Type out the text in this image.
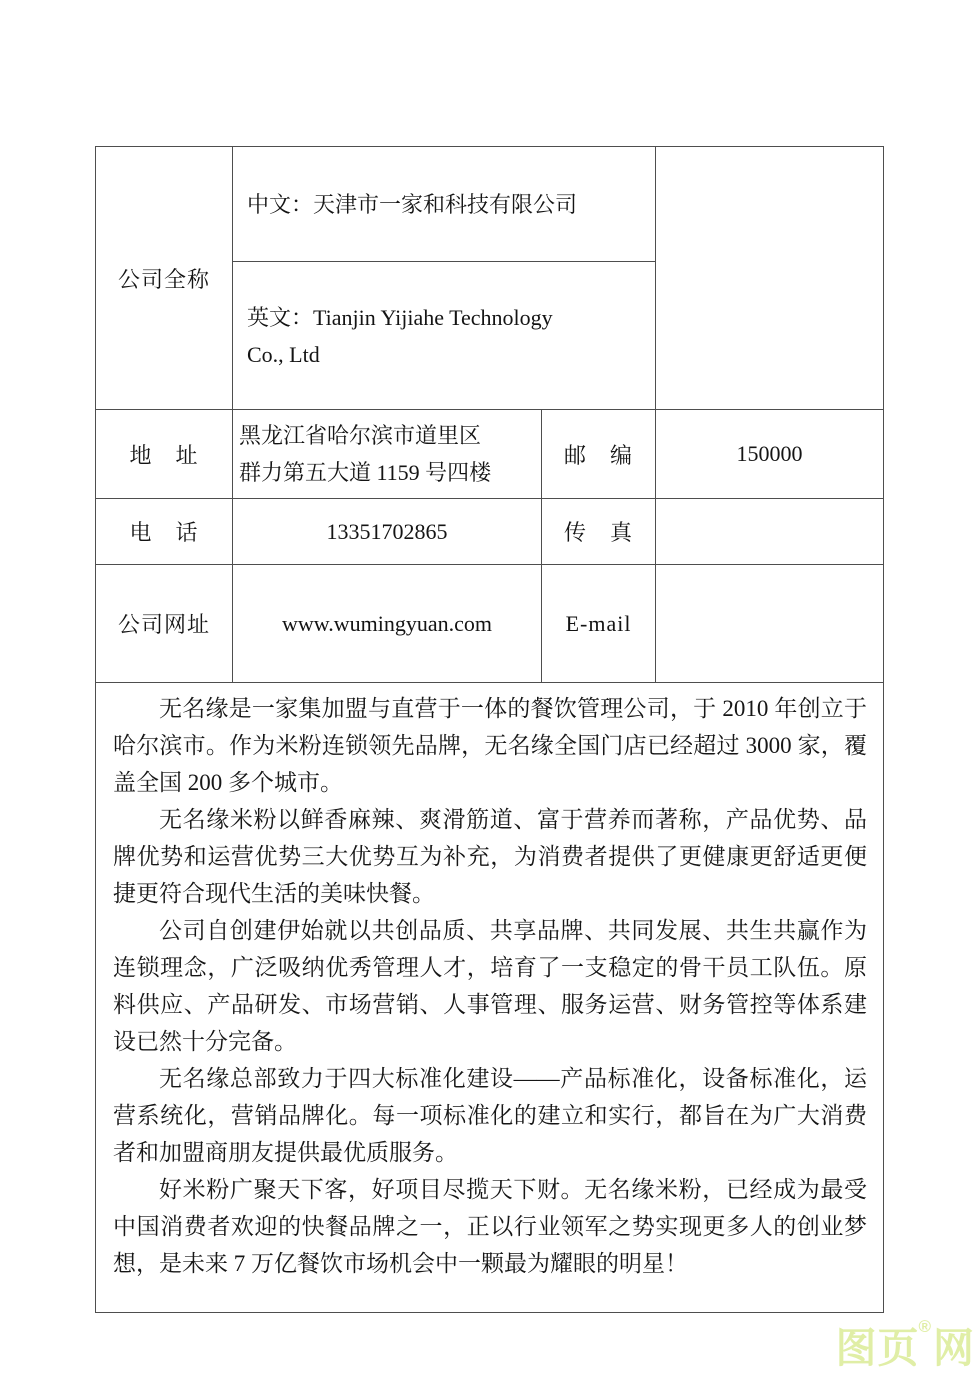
公司全称	中文：天津市一家和科技有限公司		

	英文：Tianjin Yijiahe Technology
Co., Ltd		

地　址	黑龙江省哈尔滨市道里区
群力第五大道 1159 号四楼	邮　编	150000
电　话	13351702865	传　真	
公司网址	www.wumingyuan.com	E-mail	

无名缘是一家集加盟与直营于一体的餐饮管理公司，于 2010 年创立于哈尔滨市。作为米粉连锁领先品牌，无名缘全国门店已经超过 3000 家，覆盖全国 200 多个城市。

无名缘米粉以鲜香麻辣、爽滑筋道、富于营养而著称，产品优势、品牌优势和运营优势三大优势互为补充，为消费者提供了更健康更舒适更便捷更符合现代生活的美味快餐。

公司自创建伊始就以共创品质、共享品牌、共同发展、共生共赢作为连锁理念，广泛吸纳优秀管理人才，培育了一支稳定的骨干员工队伍。原料供应、产品研发、市场营销、人事管理、服务运营、财务管控等体系建设已然十分完备。

无名缘总部致力于四大标准化建设——产品标准化，设备标准化，运营系统化，营销品牌化。每一项标准化的建立和实行，都旨在为广大消费者和加盟商朋友提供最优质服务。

好米粉广聚天下客，好项目尽揽天下财。无名缘米粉，已经成为最受中国消费者欢迎的快餐品牌之一，正以行业领军之势实现更多人的创业梦想，是未来 7 万亿餐饮市场机会中一颗最为耀眼的明星！			

图页®网
